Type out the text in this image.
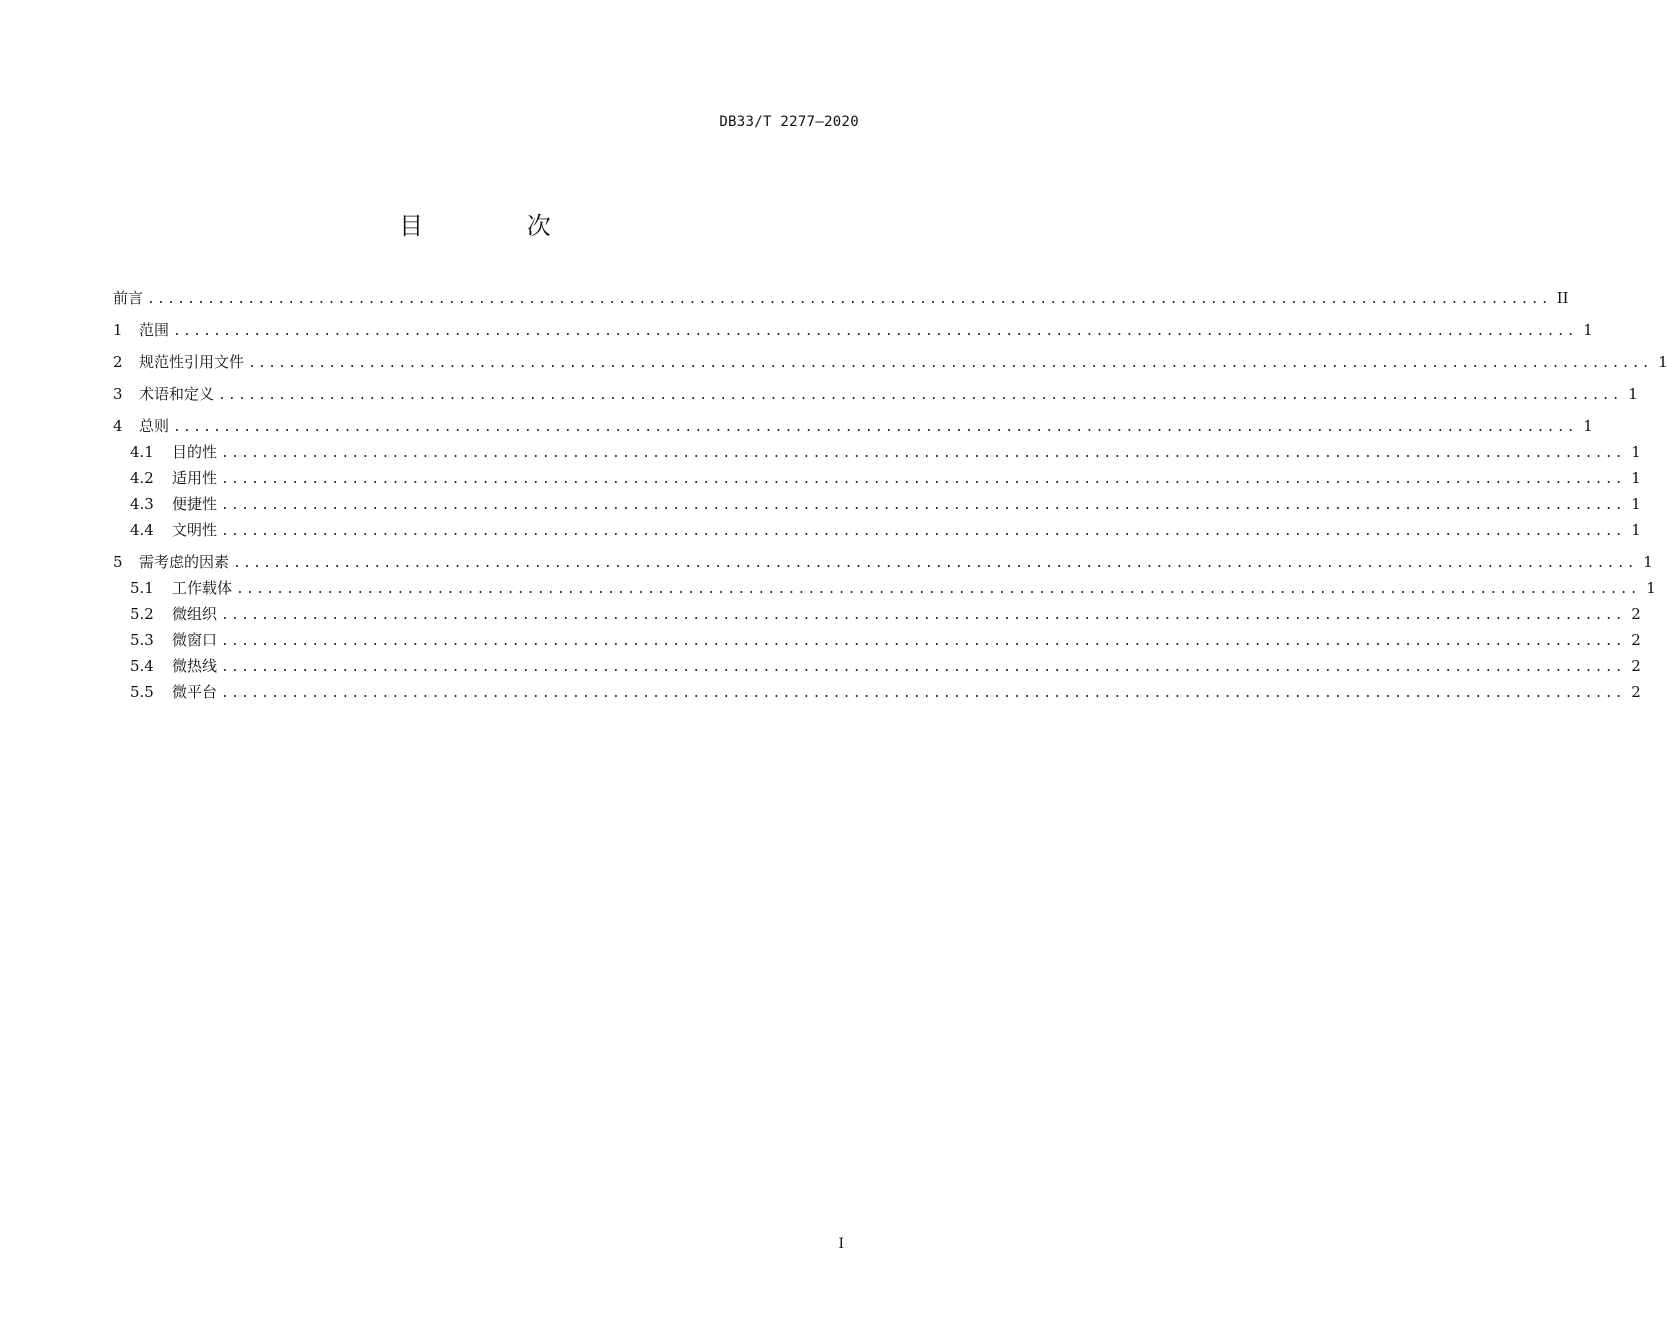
DB33/T 2277—2020
目 次
前言 ............................................................................................................................................ II
1	范围 ............................................................................................................................................ 1
2	规范性引用文件 ............................................................................................................................................ 1
3	术语和定义 ............................................................................................................................................ 1
4	总则 ............................................................................................................................................ 1
4.1	目的性 ............................................................................................................................................ 1
4.2	适用性 ............................................................................................................................................ 1
4.3	便捷性 ............................................................................................................................................ 1
4.4	文明性 ............................................................................................................................................ 1
5	需考虑的因素 ............................................................................................................................................ 1
5.1	工作载体 ............................................................................................................................................ 1
5.2	微组织 ............................................................................................................................................ 2
5.3	微窗口 ............................................................................................................................................ 2
5.4	微热线 ............................................................................................................................................ 2
5.5	微平台 ............................................................................................................................................ 2
I
